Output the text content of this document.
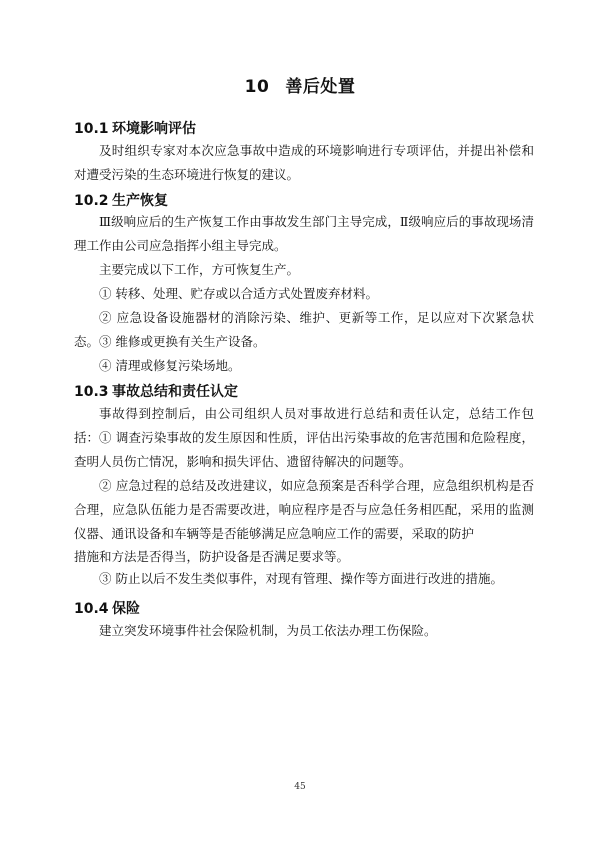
10 善后处置
10.1 环境影响评估
及时组织专家对本次应急事故中造成的环境影响进行专项评估，并提出补偿和对遭受污染的生态环境进行恢复的建议。
10.2 生产恢复
Ⅲ级响应后的生产恢复工作由事故发生部门主导完成，Ⅱ级响应后的事故现场清理工作由公司应急指挥小组主导完成。
主要完成以下工作，方可恢复生产。
① 转移、处理、贮存或以合适方式处置废弃材料。
② 应急设备设施器材的消除污染、维护、更新等工作，足以应对下次紧急状态。 ③ 维修或更换有关生产设备。
④ 清理或修复污染场地。
10.3 事故总结和责任认定
事故得到控制后，由公司组织人员对事故进行总结和责任认定，总结工作包括： ① 调查污染事故的发生原因和性质，评估出污染事故的危害范围和危险程度，查明人员伤亡情况，影响和损失评估、遗留待解决的问题等。
② 应急过程的总结及改进建议，如应急预案是否科学合理，应急组织机构是否合理，应急队伍能力是否需要改进，响应程序是否与应急任务相匹配，采用的监测仪器、通讯设备和车辆等是否能够满足应急响应工作的需要，采取的防护
措施和方法是否得当，防护设备是否满足要求等。
③ 防止以后不发生类似事件，对现有管理、操作等方面进行改进的措施。
10.4 保险
建立突发环境事件社会保险机制，为员工依法办理工伤保险。
45
